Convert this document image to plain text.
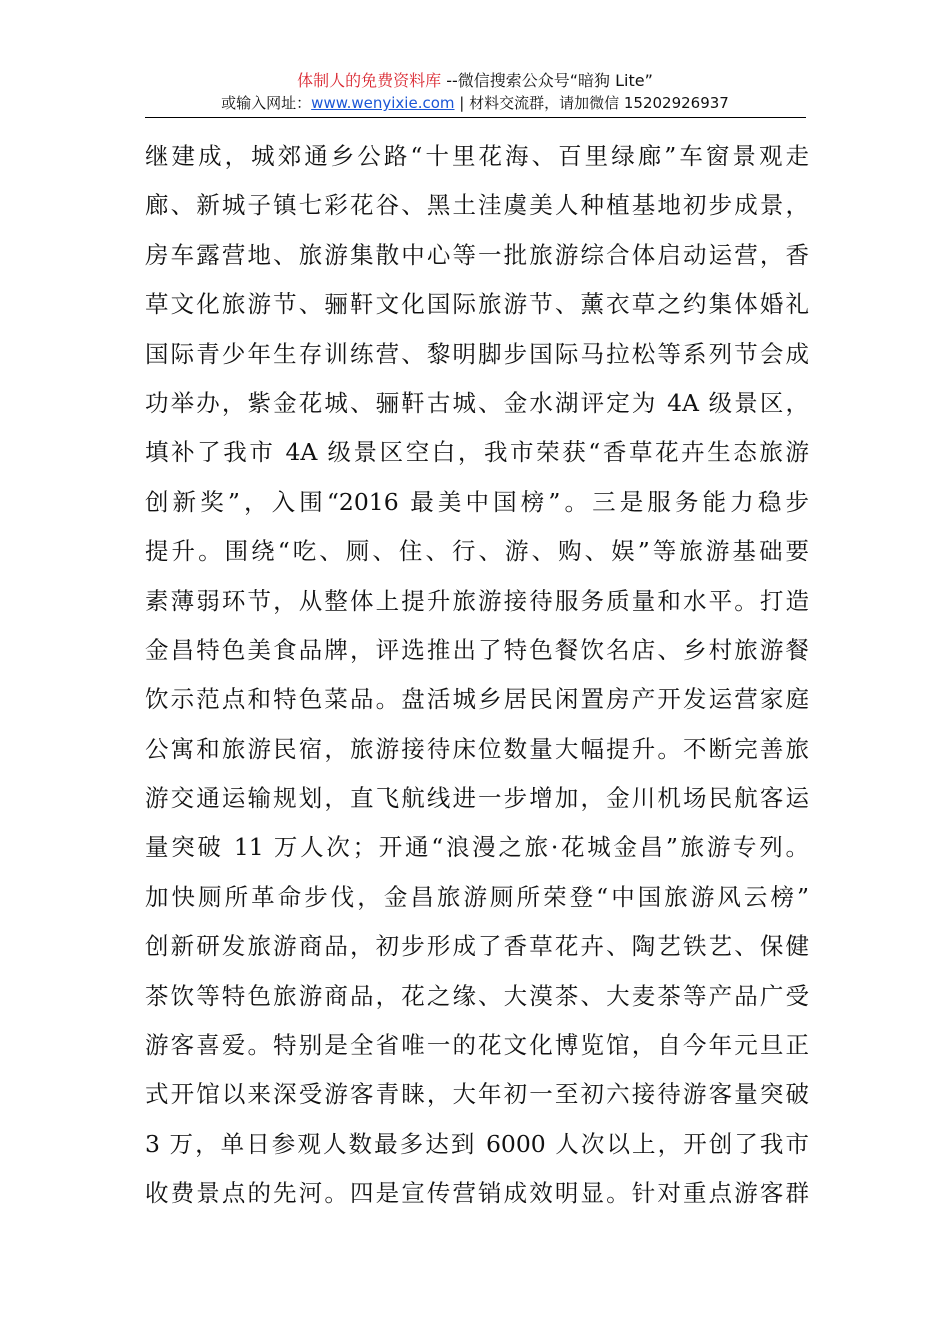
体制人的免费资料库 --微信搜索公众号“暗狗 Lite”
或输入网址：www.wenyixie.com | 材料交流群，请加微信 15202926937
继建成，城郊通乡公路“十里花海、百里绿廊”车窗景观走
廊、新城子镇七彩花谷、黑土洼虞美人种植基地初步成景，
房车露营地、旅游集散中心等一批旅游综合体启动运营，香
草文化旅游节、骊靬文化国际旅游节、薰衣草之约集体婚礼
国际青少年生存训练营、黎明脚步国际马拉松等系列节会成
功举办，紫金花城、骊靬古城、金水湖评定为 4A 级景区，
填补了我市 4A 级景区空白，我市荣获“香草花卉生态旅游
创新奖”，入围“2016 最美中国榜”。三是服务能力稳步
提升。围绕“吃、厕、住、行、游、购、娱”等旅游基础要
素薄弱环节，从整体上提升旅游接待服务质量和水平。打造
金昌特色美食品牌，评选推出了特色餐饮名店、乡村旅游餐
饮示范点和特色菜品。盘活城乡居民闲置房产开发运营家庭
公寓和旅游民宿，旅游接待床位数量大幅提升。不断完善旅
游交通运输规划，直飞航线进一步增加，金川机场民航客运
量突破 11 万人次；开通“浪漫之旅·花城金昌”旅游专列。
加快厕所革命步伐，金昌旅游厕所荣登“中国旅游风云榜”
创新研发旅游商品，初步形成了香草花卉、陶艺铁艺、保健
茶饮等特色旅游商品，花之缘、大漠茶、大麦茶等产品广受
游客喜爱。特别是全省唯一的花文化博览馆，自今年元旦正
式开馆以来深受游客青睐，大年初一至初六接待游客量突破
3 万，单日参观人数最多达到 6000 人次以上，开创了我市
收费景点的先河。四是宣传营销成效明显。针对重点游客群
